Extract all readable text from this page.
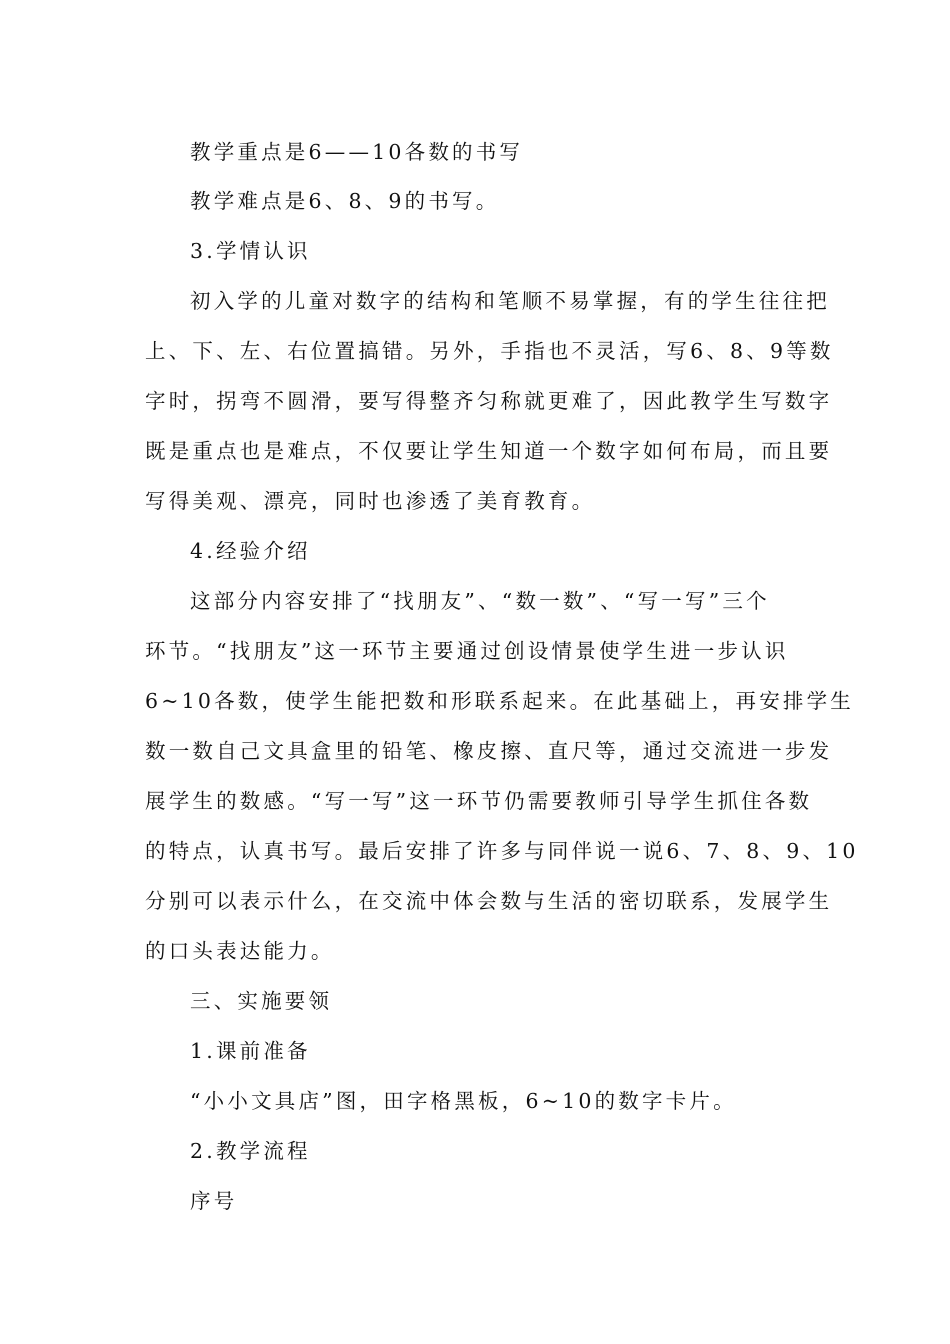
教学重点是6——10各数的书写
教学难点是6、8、9的书写。
3.学情认识
初入学的儿童对数字的结构和笔顺不易掌握，有的学生往往把
上、下、左、右位置搞错。另外，手指也不灵活，写6、8、9等数
字时，拐弯不圆滑，要写得整齐匀称就更难了，因此教学生写数字
既是重点也是难点，不仅要让学生知道一个数字如何布局，而且要
写得美观、漂亮，同时也渗透了美育教育。
4.经验介绍
这部分内容安排了“找朋友”、“数一数”、“写一写”三个
环节。“找朋友”这一环节主要通过创设情景使学生进一步认识
6~10各数，使学生能把数和形联系起来。在此基础上，再安排学生
数一数自己文具盒里的铅笔、橡皮擦、直尺等，通过交流进一步发
展学生的数感。“写一写”这一环节仍需要教师引导学生抓住各数
的特点，认真书写。最后安排了许多与同伴说一说6、7、8、9、10
分别可以表示什么，在交流中体会数与生活的密切联系，发展学生
的口头表达能力。
三、实施要领
1.课前准备
“小小文具店”图，田字格黑板，6~10的数字卡片。
2.教学流程
序号
